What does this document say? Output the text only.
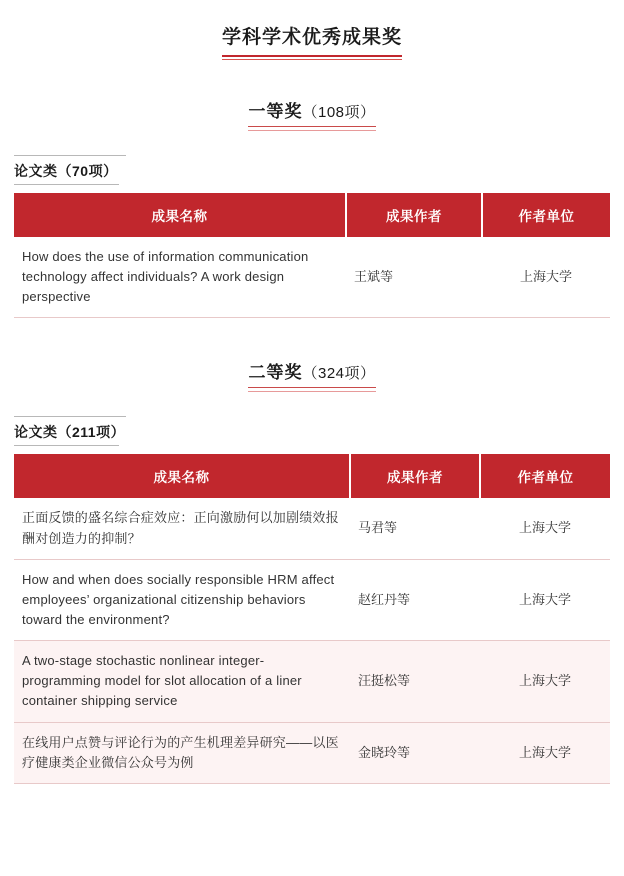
学科学术优秀成果奖
一等奖（108项）
论文类（70项）
成果名称	成果作者	作者单位
How does the use of information communication technology affect individuals? A work design perspective	王斌等	上海大学
二等奖（324项）
论文类（211项）
成果名称	成果作者	作者单位
正面反馈的盛名综合症效应：正向激励何以加剧绩效报酬对创造力的抑制？	马君等	上海大学
How and when does socially responsible HRM affect employees’ organizational citizenship behaviors toward the environment?	赵红丹等	上海大学
A two-stage stochastic nonlinear integer-programming model for slot allocation of a liner container shipping service	汪挺松等	上海大学
在线用户点赞与评论行为的产生机理差异研究——以医疗健康类企业微信公众号为例	金晓玲等	上海大学
